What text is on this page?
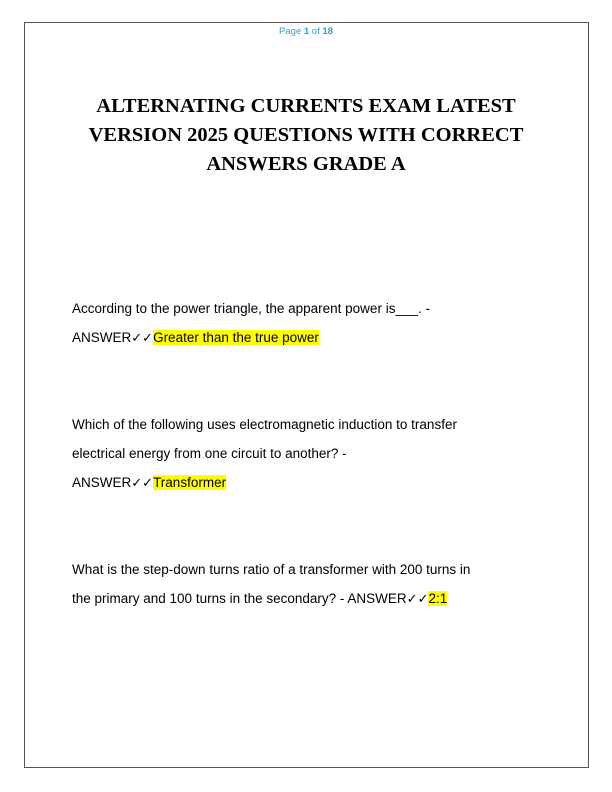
Page 1 of 18
ALTERNATING CURRENTS EXAM LATEST VERSION 2025 QUESTIONS WITH CORRECT ANSWERS GRADE A

According to the power triangle, the apparent power is___. -

ANSWER✓✓Greater than the true power

Which of the following uses electromagnetic induction to transfer

electrical energy from one circuit to another? -

ANSWER✓✓Transformer

What is the step-down turns ratio of a transformer with 200 turns in

the primary and 100 turns in the secondary? - ANSWER✓✓2:1
